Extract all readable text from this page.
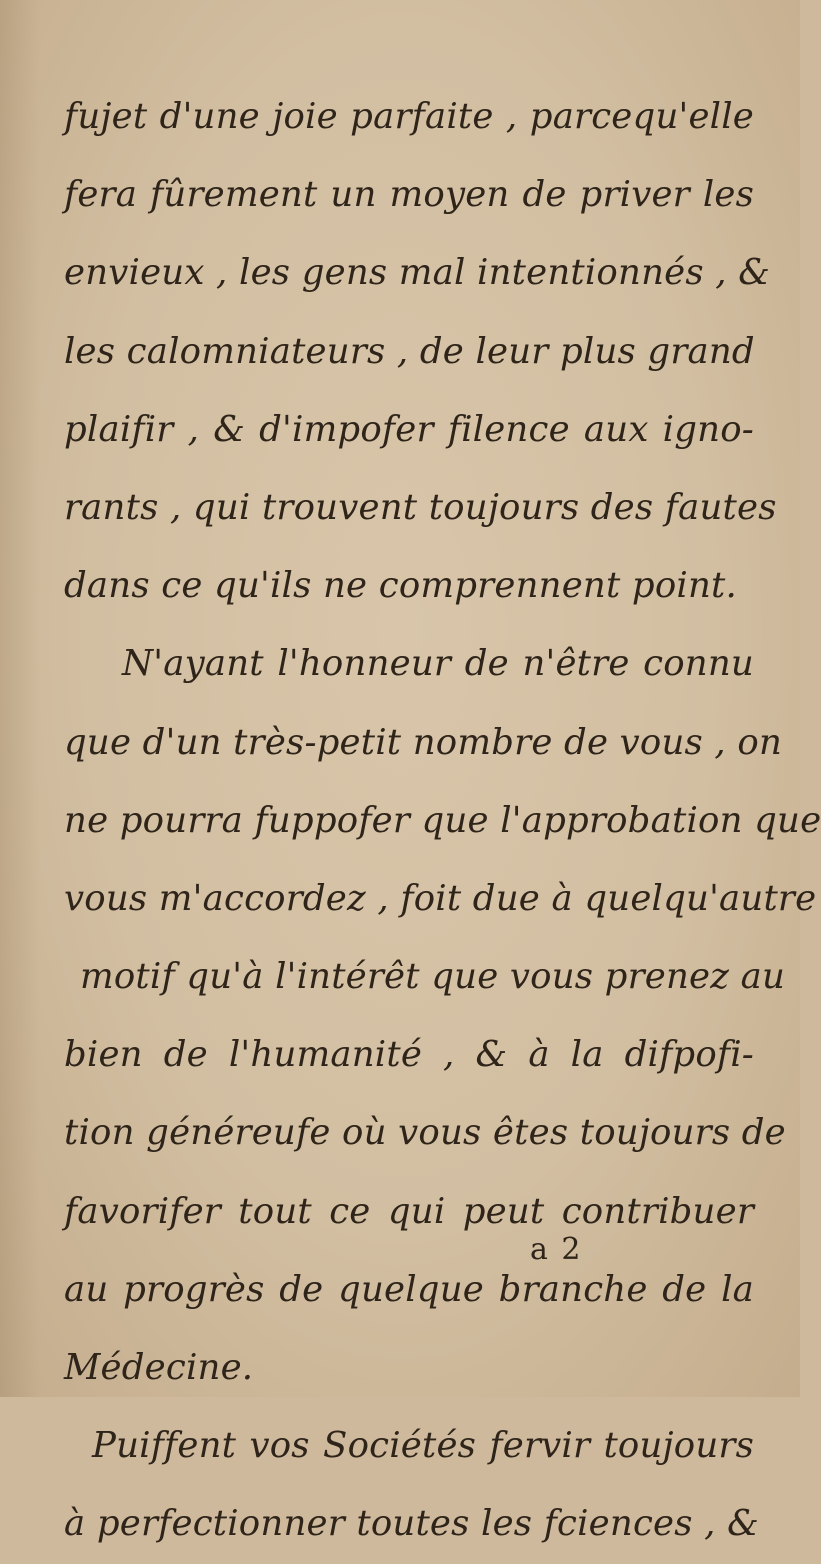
fujet d'une joie parfaite , parcequ'elle
fera fûrement un moyen de priver les
envieux , les gens mal intentionnés , &
les calomniateurs , de leur plus grand
plaifir , & d'impofer filence aux igno-
rants , qui trouvent toujours des fautes
dans ce qu'ils ne comprennent point.
N'ayant l'honneur de n'être connu
que d'un très-petit nombre de vous , on
ne pourra fuppofer que l'approbation que
vous m'accordez , foit due à quelqu'autre
motif qu'à l'intérêt que vous prenez au
bien de l'humanité , & à la difpofi-
tion généreufe où vous êtes toujours de
favorifer tout ce qui peut contribuer
au progrès de quelque branche de la
Médecine.
Puiffent vos Sociétés fervir toujours
à perfectionner toutes les fciences , &
a 2
